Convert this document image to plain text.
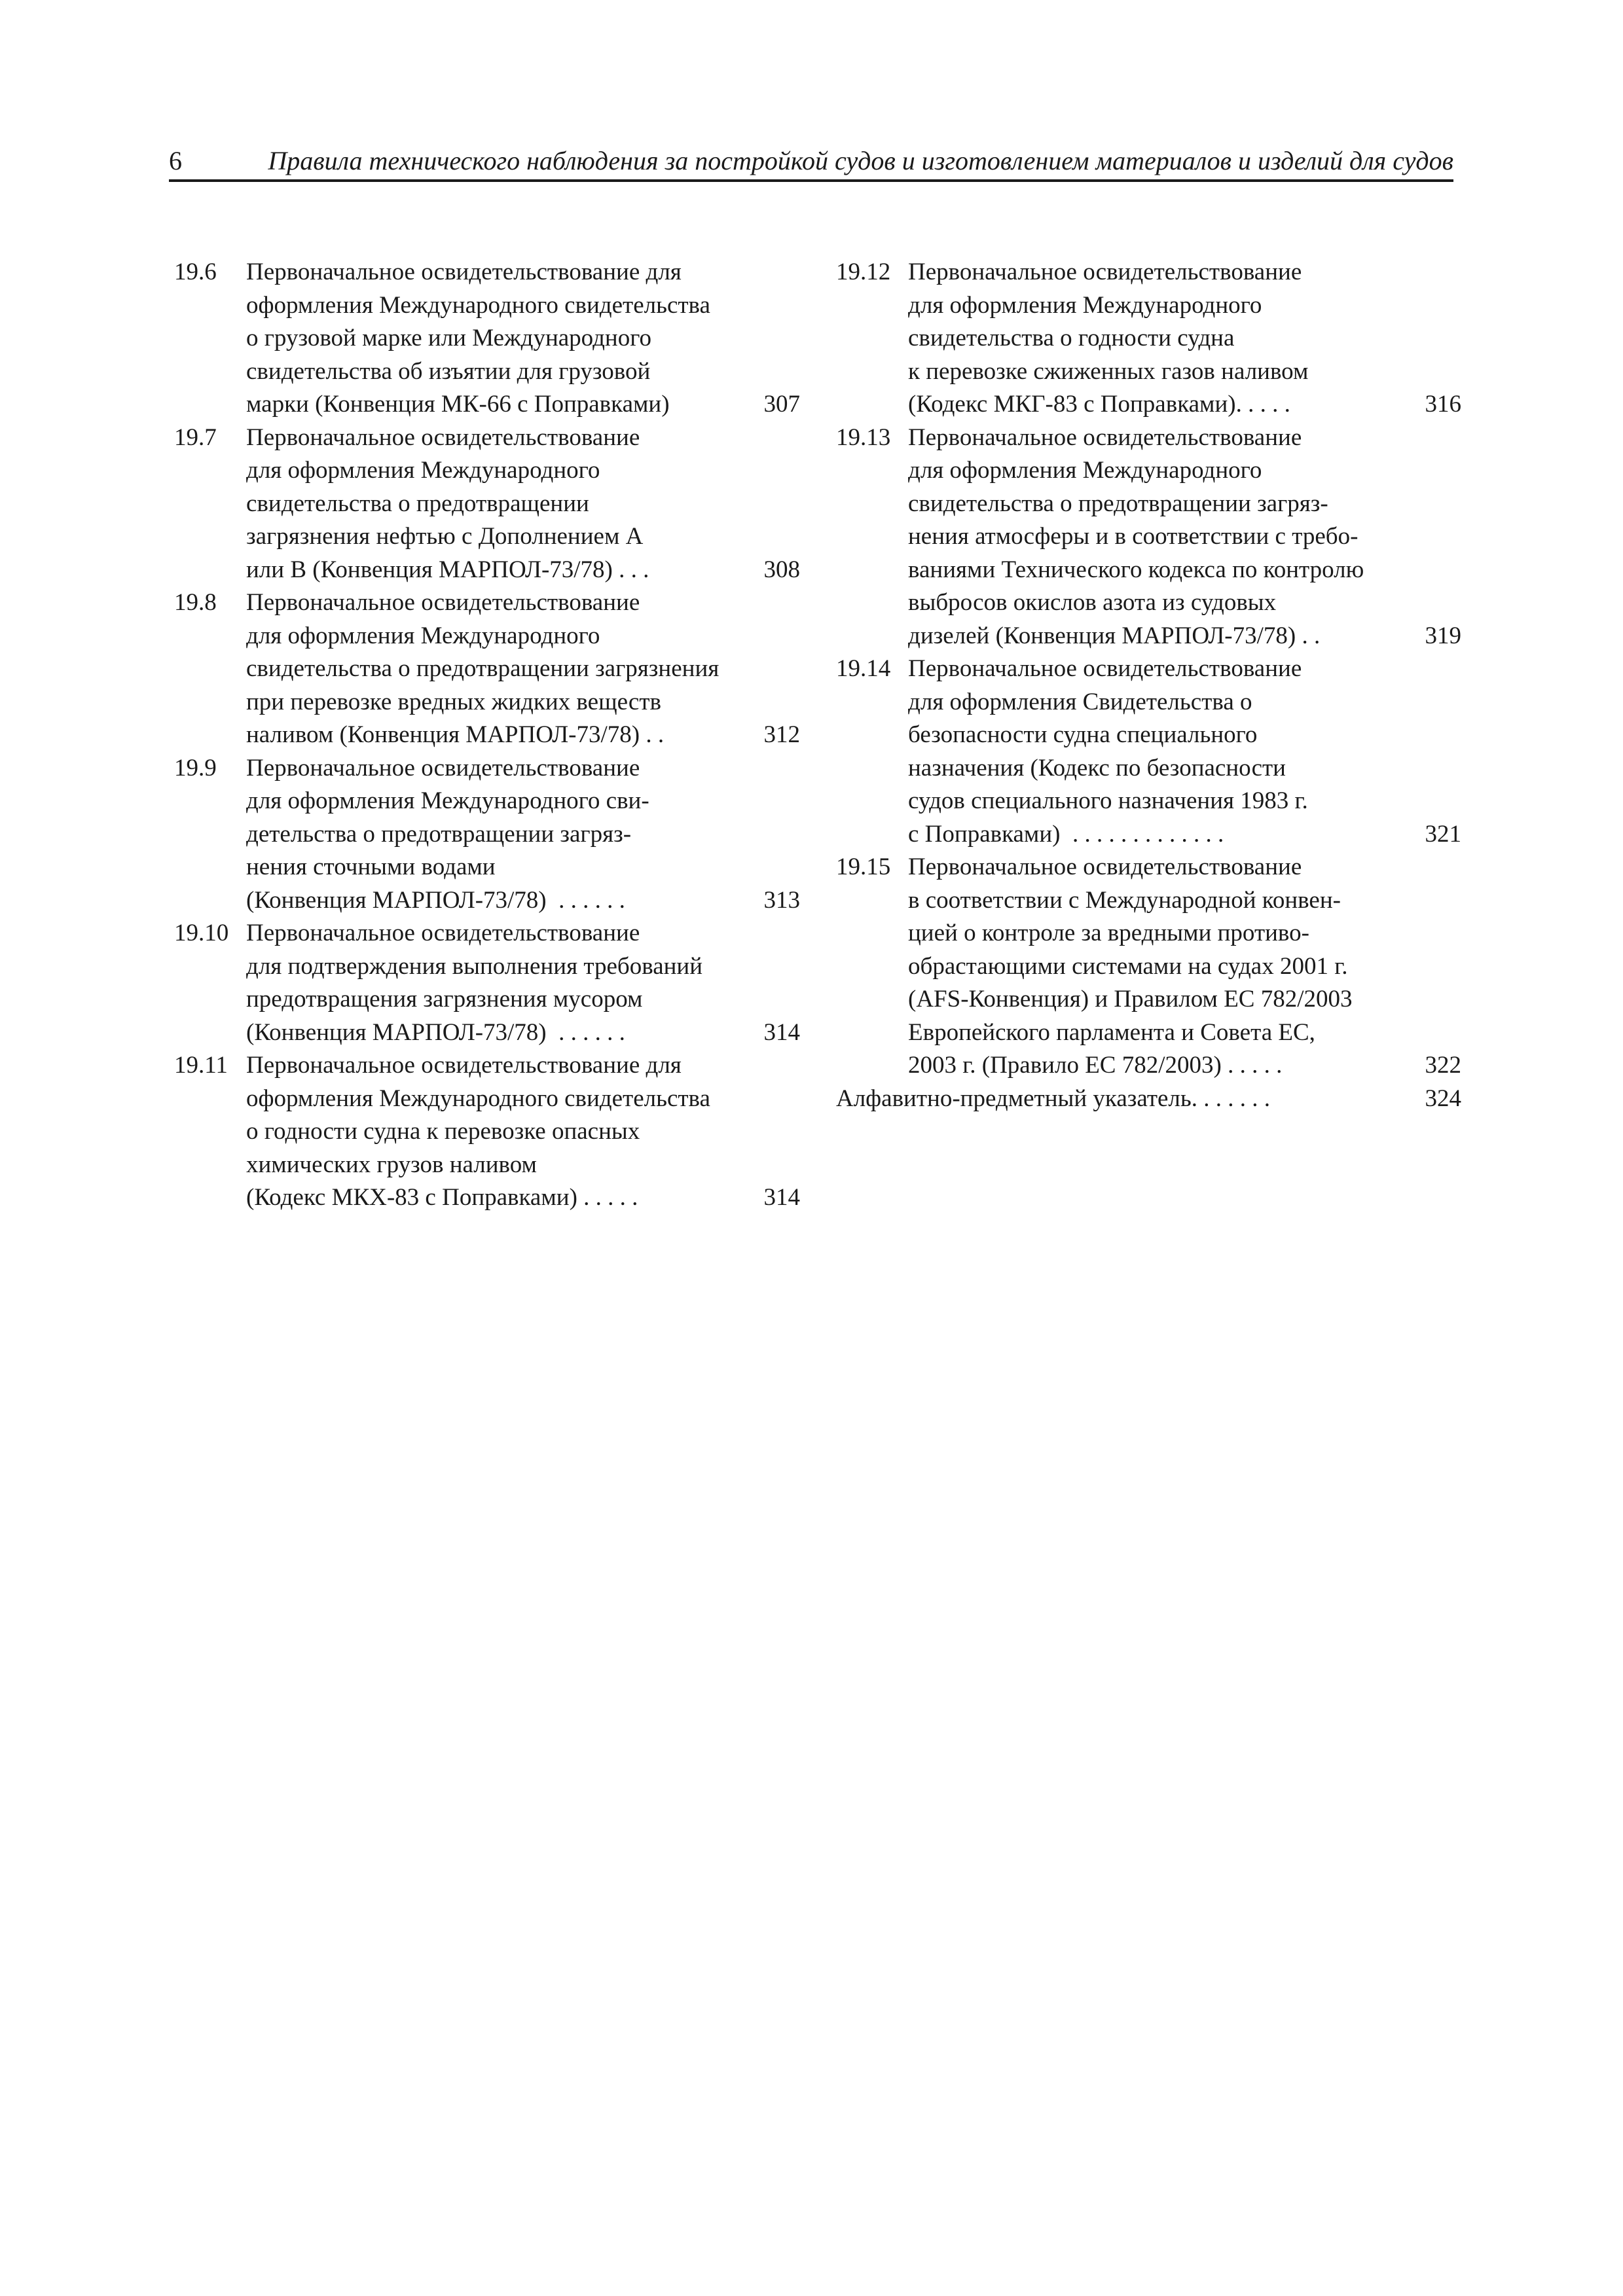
6	Правила технического наблюдения за постройкой судов и изготовлением материалов и изделий для судов
19.6 Первоначальное освидетельствование для
оформления Международного свидетельства
о грузовой марке или Международного
свидетельства об изъятии для грузовой
марки (Конвенция МК-66 с Поправками)	307
19.7 Первоначальное освидетельствование
для оформления Международного
свидетельства о предотвращении
загрязнения нефтью с Дополнением А
или В (Конвенция МАРПОЛ-73/78) . . .	308
19.8 Первоначальное освидетельствование
для оформления Международного
свидетельства о предотвращении загрязнения
при перевозке вредных жидких веществ
наливом (Конвенция МАРПОЛ-73/78) . .	312
19.9 Первоначальное освидетельствование
для оформления Международного сви-
детельства о предотвращении загряз-
нения сточными водами
(Конвенция МАРПОЛ-73/78)  . . . . . .	313
19.10 Первоначальное освидетельствование
для подтверждения выполнения требований
предотвращения загрязнения мусором
(Конвенция МАРПОЛ-73/78)  . . . . . .	314
19.11 Первоначальное освидетельствование для
оформления Международного свидетельства
о годности судна к перевозке опасных
химических грузов наливом
(Кодекс МКХ-83 с Поправками) . . . . .	314
19.12 Первоначальное освидетельствование
для оформления Международного
свидетельства о годности судна
к перевозке сжиженных газов наливом
(Кодекс МКГ-83 с Поправками). . . . .	316
19.13 Первоначальное освидетельствование
для оформления Международного
свидетельства о предотвращении загряз-
нения атмосферы и в соответствии с требо-
ваниями Технического кодекса по контролю
выбросов окислов азота из судовых
дизелей (Конвенция МАРПОЛ-73/78) . .	319
19.14 Первоначальное освидетельствование
для оформления Свидетельства о
безопасности судна специального
назначения (Кодекс по безопасности
судов специального назначения 1983 г.
с Поправками)  . . . . . . . . . . . . .	321
19.15 Первоначальное освидетельствование
в соответствии с Международной конвен-
цией о контроле за вредными противо-
обрастающими системами на судах 2001 г.
(AFS-Конвенция) и Правилом ЕС 782/2003
Европейского парламента и Совета ЕС,
2003 г. (Правило ЕС 782/2003) . . . . .	322
Алфавитно-предметный указатель. . . . . . .	324
